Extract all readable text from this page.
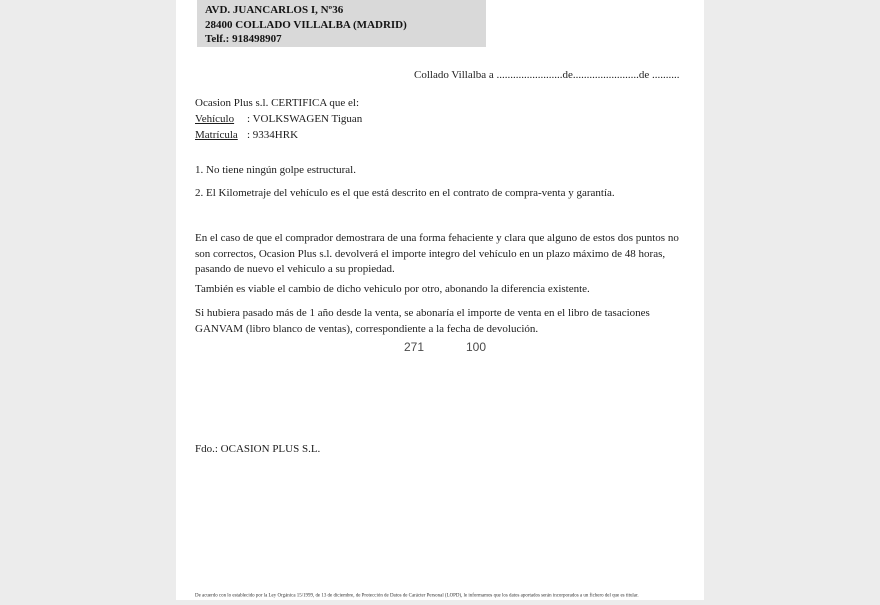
AVD. JUANCARLOS I, Nº36
28400 COLLADO VILLALBA (MADRID)
Telf.: 918498907
Collado Villalba a ........................de........................de ..........
Ocasion Plus s.l. CERTIFICA que el:
Vehículo : VOLKSWAGEN Tiguan
Matrícula : 9334HRK
1. No tiene ningún golpe estructural.
2. El Kilometraje del vehículo es el que está descrito en el contrato de compra-venta y garantía.
En el caso de que el comprador demostrara de una forma fehaciente y clara que alguno de estos dos puntos no
son correctos, Ocasion Plus s.l. devolverá el importe integro del vehículo en un plazo máximo de 48 horas,
pasando de nuevo el vehiculo a su propiedad.
También es viable el cambio de dicho vehiculo por otro, abonando la diferencia existente.
Si hubiera pasado más de 1 año desde la venta, se abonaría el importe de venta en el libro de tasaciones
GANVAM (libro blanco de ventas), correspondiente a la fecha de devolución.
271	100
Fdo.: OCASION PLUS S.L.
De acuerdo con lo establecido por la Ley Orgánica 15/1999, de 13 de diciembre, de Protección de Datos de Carácter Personal (LOPD), le informamos que los datos aportados serán incorporados a un fichero del que es titular.
